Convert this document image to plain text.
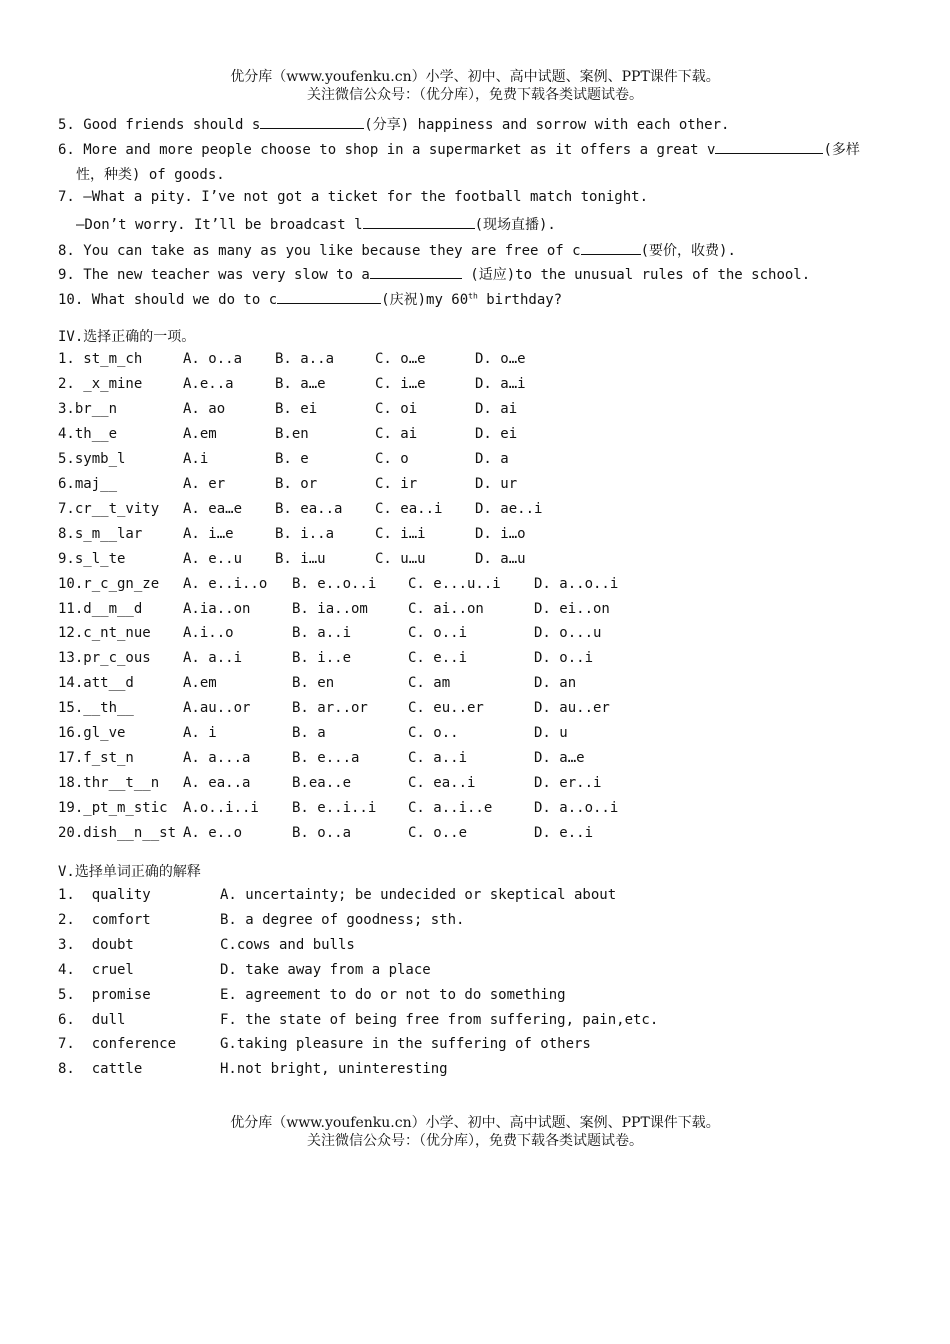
优分库（www.youfenku.cn）小学、初中、高中试题、案例、PPT课件下载。
关注微信公众号：（优分库），免费下载各类试题试卷。
5. Good friends should s	(分享) happiness and sorrow with each other.
6. More and more people choose to shop in a supermarket as it offers a great v	(多样
性，种类) of goods.
7. —What a pity. I’ve not got a ticket for the football match tonight.
—Don’t worry. It’ll be broadcast l	(现场直播).
8. You can take as many as you like because they are free of c	(要价，收费).
9. The new teacher was very slow to a	(适应)to the unusual rules of the school.
10. What should we do to c	(庆祝)my 60th birthday?
IV.选择正确的一项。
1. st_m_ch	A. o..a B. a..a	C. o…e	D. o…e
2. _x_mine	A.e..a	B. a…e	C. i…e	D. a…i
3.br__n	A. ao	B. ei	C. oi	D. ai
4.th__e	A.em	B.en	C. ai	D. ei
5.symb_l	A.i	B. e	C. o	D. a
6.maj__	A. er	B. or	C. ir	D. ur
7.cr__t_vity A. ea…e B. ea..a C. ea..i D. ae..i
8.s_m__lar	A. i…e	B. i..a	C. i…i	D. i…o
9.s_l_te	A. e..u B. i…u	C. u…u	D. a…u
10.r_c_gn_ze A. e..i..o B. e..o..i C. e...u..i D. a..o..i
11.d__m__d	A.ia..on	B. ia..om	C. ai..on	D. ei..on
12.c_nt_nue A.i..o	B. a..i	C. o..i	D. o...u
13.pr_c_ous A. a..i	B. i..e	C. e..i	D. o..i
14.att__d	A.em	B. en	C. am	D. an
15.__th__	A.au..or	B. ar..or	C. eu..er	D. au..er
16.gl_ve	A. i	B. a	C. o..	D. u
17.f_st_n	A. a...a	B. e...a	C. a..i	D. a…e
18.thr__t__n A. ea..a	B.ea..e	C. ea..i	D. er..i
19._pt_m_stic A.o..i..i B. e..i..i C. a..i..e	D. a..o..i
20.dish__n__st A. e..o	B. o..a	C. o..e	D. e..i
V.选择单词正确的解释
1.  quality	A. uncertainty; be undecided or skeptical about
2.  comfort	B. a degree of goodness; sth.
3.  doubt	C.cows and bulls
4.  cruel	D. take away from a place
5.  promise	E. agreement to do or not to do something
6.  dull	F. the state of being free from suffering, pain,etc.
7.  conference	G.taking pleasure in the suffering of others
8.  cattle	H.not bright, uninteresting
优分库（www.youfenku.cn）小学、初中、高中试题、案例、PPT课件下载。
关注微信公众号：（优分库），免费下载各类试题试卷。
